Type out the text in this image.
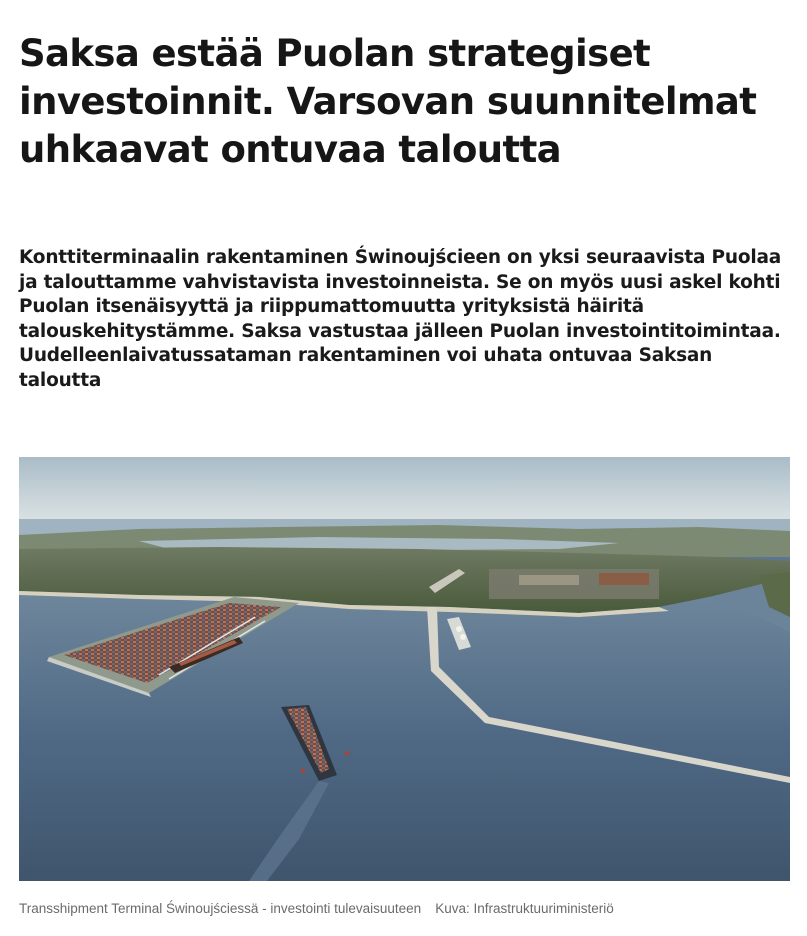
Saksa estää Puolan strategiset investoinnit. Varsovan suunnitelmat uhkaavat ontuvaa taloutta

Konttiterminaalin rakentaminen Świnoujścieen on yksi seuraavista Puolaa ja talouttamme vahvistavista investoinneista. Se on myös uusi askel kohti Puolan itsenäisyyttä ja riippumattomuutta yrityksistä häiritä talouskehitystämme. Saksa vastustaa jälleen Puolan investointitoimintaa. Uudelleenlaivatussataman rakentaminen voi uhata ontuvaa Saksan taloutta

Transshipment Terminal Świnoujściessä - investointi tulevaisuuteen Kuva: Infrastruktuuriministeriö
